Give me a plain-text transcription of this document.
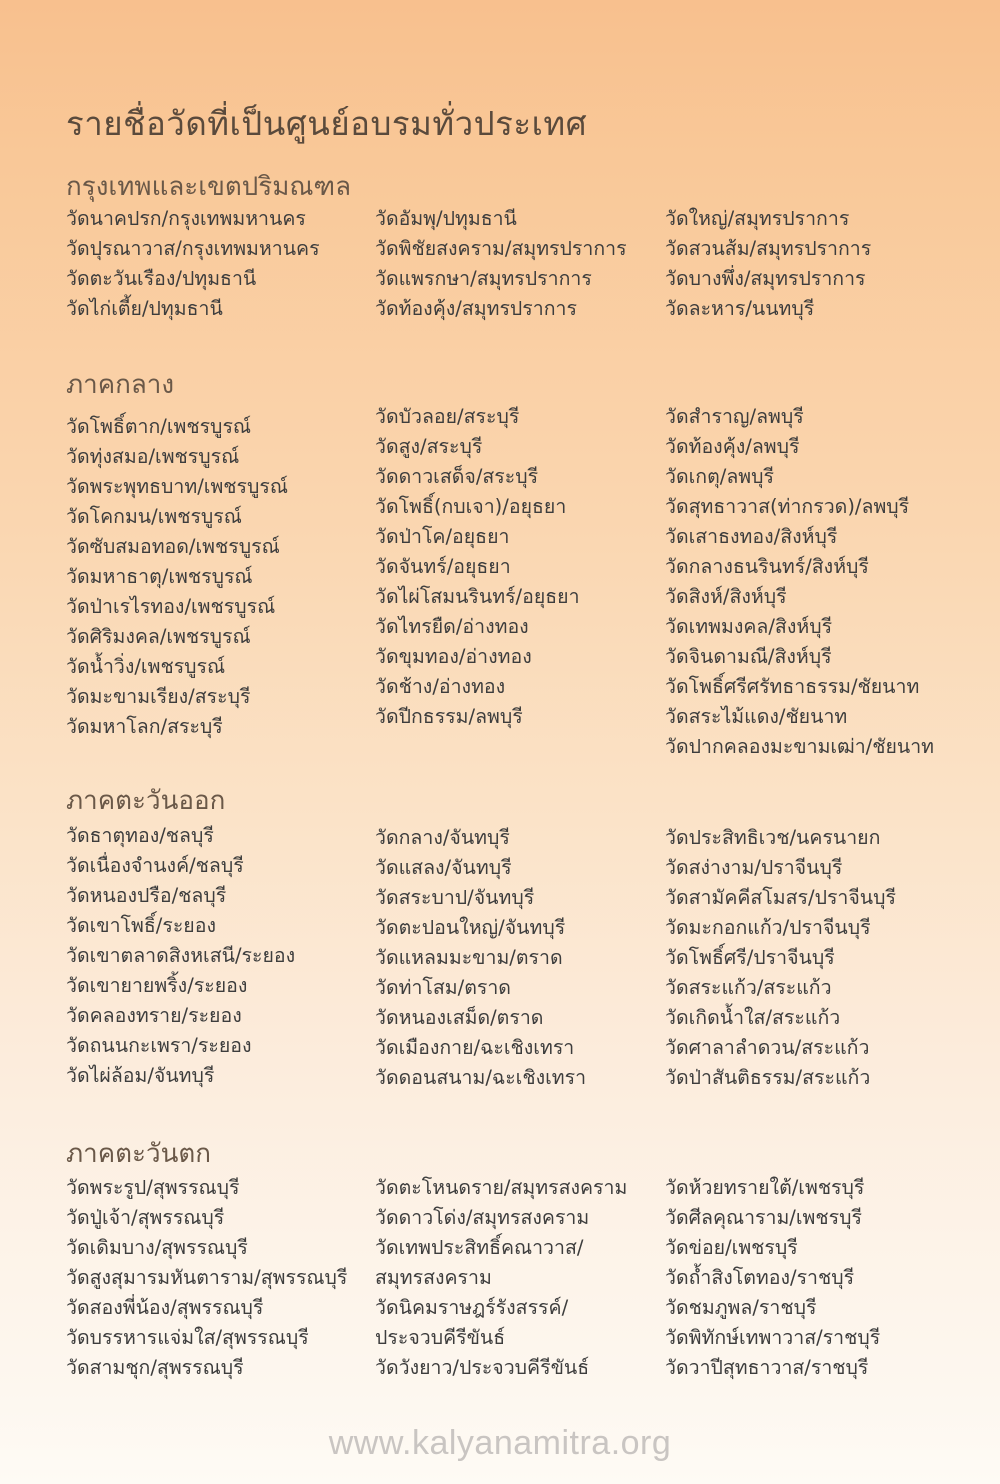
รายชื่อวัดที่เป็นศูนย์อบรมทั่วประเทศ
กรุงเทพและเขตปริมณฑล
วัดนาคปรก/กรุงเทพมหานคร
วัดปุรณาวาส/กรุงเทพมหานคร
วัดตะวันเรือง/ปทุมธานี
วัดไก่เตี้ย/ปทุมธานี
วัดอัมพุ/ปทุมธานี
วัดพิชัยสงคราม/สมุทรปราการ
วัดแพรกษา/สมุทรปราการ
วัดท้องคุ้ง/สมุทรปราการ
วัดใหญ่/สมุทรปราการ
วัดสวนส้ม/สมุทรปราการ
วัดบางพึ่ง/สมุทรปราการ
วัดละหาร/นนทบุรี
ภาคกลาง
วัดโพธิ์ตาก/เพชรบูรณ์
วัดทุ่งสมอ/เพชรบูรณ์
วัดพระพุทธบาท/เพชรบูรณ์
วัดโคกมน/เพชรบูรณ์
วัดซับสมอทอด/เพชรบูรณ์
วัดมหาธาตุ/เพชรบูรณ์
วัดป่าเรไรทอง/เพชรบูรณ์
วัดศิริมงคล/เพชรบูรณ์
วัดน้ำวิ่ง/เพชรบูรณ์
วัดมะขามเรียง/สระบุรี
วัดมหาโลก/สระบุรี
วัดบัวลอย/สระบุรี
วัดสูง/สระบุรี
วัดดาวเสด็จ/สระบุรี
วัดโพธิ์(กบเจา)/อยุธยา
วัดป่าโค/อยุธยา
วัดจันทร์/อยุธยา
วัดไผ่โสมนรินทร์/อยุธยา
วัดไทรยืด/อ่างทอง
วัดขุมทอง/อ่างทอง
วัดช้าง/อ่างทอง
วัดปีกธรรม/ลพบุรี
วัดสำราญ/ลพบุรี
วัดท้องคุ้ง/ลพบุรี
วัดเกตุ/ลพบุรี
วัดสุทธาวาส(ท่ากรวด)/ลพบุรี
วัดเสาธงทอง/สิงห์บุรี
วัดกลางธนรินทร์/สิงห์บุรี
วัดสิงห์/สิงห์บุรี
วัดเทพมงคล/สิงห์บุรี
วัดจินดามณี/สิงห์บุรี
วัดโพธิ์ศรีศรัทธาธรรม/ชัยนาท
วัดสระไม้แดง/ชัยนาท
วัดปากคลองมะขามเฒ่า/ชัยนาท
ภาคตะวันออก
วัดธาตุทอง/ชลบุรี
วัดเนื่องจำนงค์/ชลบุรี
วัดหนองปรือ/ชลบุรี
วัดเขาโพธิ์/ระยอง
วัดเขาตลาดสิงหเสนี/ระยอง
วัดเขายายพริ้ง/ระยอง
วัดคลองทราย/ระยอง
วัดถนนกะเพรา/ระยอง
วัดไผ่ล้อม/จันทบุรี
วัดกลาง/จันทบุรี
วัดแสลง/จันทบุรี
วัดสระบาป/จันทบุรี
วัดตะปอนใหญ่/จันทบุรี
วัดแหลมมะขาม/ตราด
วัดท่าโสม/ตราด
วัดหนองเสม็ด/ตราด
วัดเมืองกาย/ฉะเชิงเทรา
วัดดอนสนาม/ฉะเชิงเทรา
วัดประสิทธิเวช/นครนายก
วัดสง่างาม/ปราจีนบุรี
วัดสามัคคีสโมสร/ปราจีนบุรี
วัดมะกอกแก้ว/ปราจีนบุรี
วัดโพธิ์ศรี/ปราจีนบุรี
วัดสระแก้ว/สระแก้ว
วัดเกิดน้ำใส/สระแก้ว
วัดศาลาลำดวน/สระแก้ว
วัดป่าสันติธรรม/สระแก้ว
ภาคตะวันตก
วัดพระรูป/สุพรรณบุรี
วัดปู่เจ้า/สุพรรณบุรี
วัดเดิมบาง/สุพรรณบุรี
วัดสูงสุมารมหันตาราม/สุพรรณบุรี
วัดสองพี่น้อง/สุพรรณบุรี
วัดบรรหารแจ่มใส/สุพรรณบุรี
วัดสามชุก/สุพรรณบุรี
วัดตะโหนดราย/สมุทรสงคราม
วัดดาวโด่ง/สมุทรสงคราม
วัดเทพประสิทธิ์คณาวาส/
สมุทรสงคราม
วัดนิคมราษฎร์รังสรรค์/
ประจวบคีรีขันธ์
วัดวังยาว/ประจวบคีรีขันธ์
วัดห้วยทรายใต้/เพชรบุรี
วัดศีลคุณาราม/เพชรบุรี
วัดข่อย/เพชรบุรี
วัดถ้ำสิงโตทอง/ราชบุรี
วัดชมภูพล/ราชบุรี
วัดพิทักษ์เทพาวาส/ราชบุรี
วัดวาปีสุทธาวาส/ราชบุรี
www.kalyanamitra.org
